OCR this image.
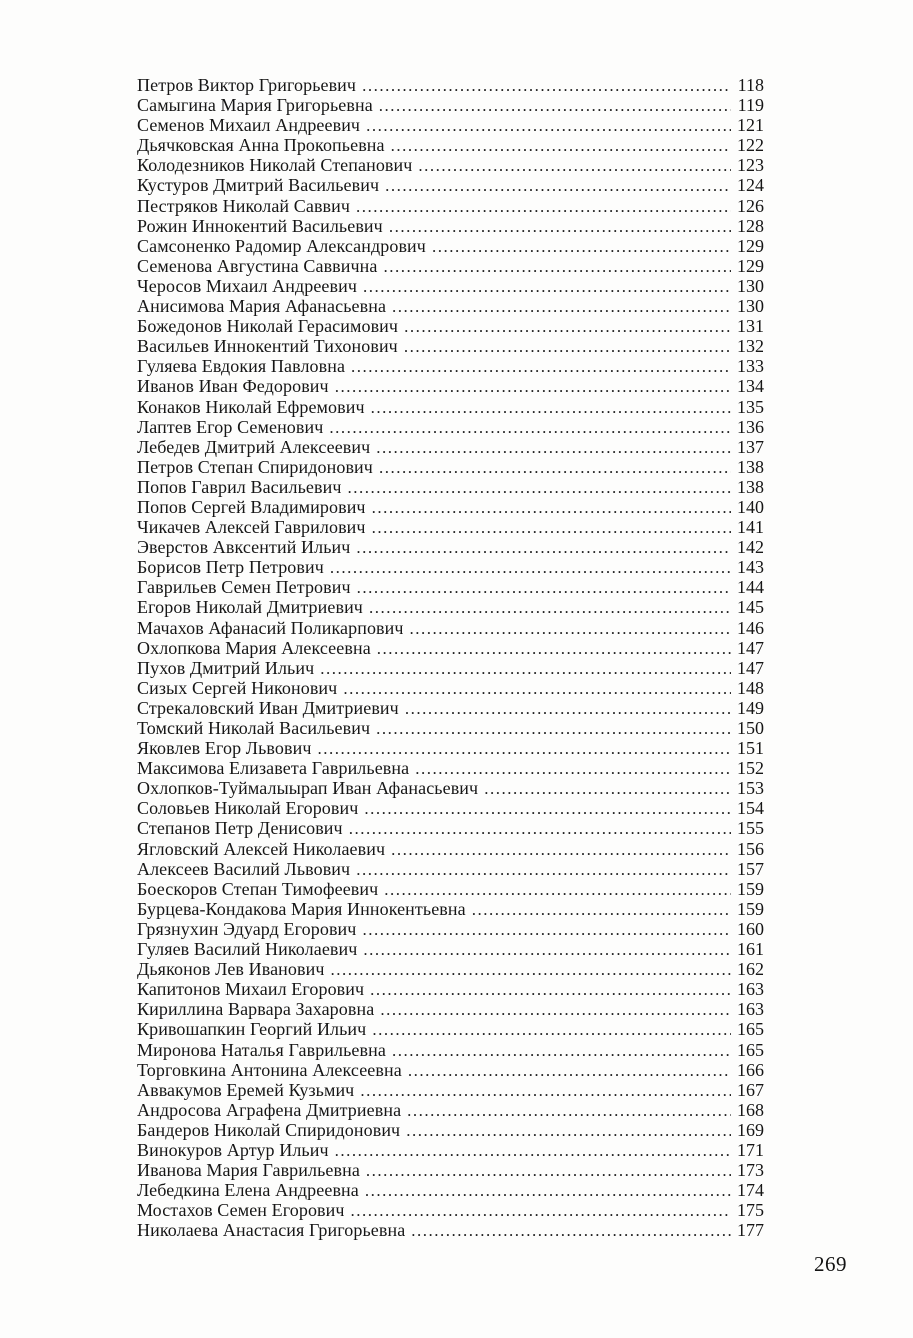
Петров Виктор Григорьевич .....	118
Самыгина Мария Григорьевна .....	119
Семенов Михаил Андреевич .....	121
Дьячковская Анна Прокопьевна .....	122
Колодезников Николай Степанович .....	123
Кустуров Дмитрий Васильевич .....	124
Пестряков Николай Саввич .....	126
Рожин Иннокентий Васильевич .....	128
Самсоненко Радомир Александрович .....	129
Семенова Августина Саввична .....	129
Черосов Михаил Андреевич .....	130
Анисимова Мария Афанасьевна .....	130
Божедонов Николай Герасимович .....	131
Васильев Иннокентий Тихонович .....	132
Гуляева Евдокия Павловна .....	133
Иванов Иван Федорович .....	134
Конаков Николай Ефремович .....	135
Лаптев Егор Семенович .....	136
Лебедев Дмитрий Алексеевич .....	137
Петров Степан Спиридонович .....	138
Попов Гаврил Васильевич .....	138
Попов Сергей Владимирович .....	140
Чикачев Алексей Гаврилович .....	141
Эверстов Авксентий Ильич .....	142
Борисов Петр Петрович .....	143
Гаврильев Семен Петрович .....	144
Егоров Николай Дмитриевич .....	145
Мачахов Афанасий Поликарпович .....	146
Охлопкова Мария Алексеевна .....	147
Пухов Дмитрий Ильич .....	147
Сизых Сергей Никонович .....	148
Стрекаловский Иван Дмитриевич .....	149
Томский Николай Васильевич .....	150
Яковлев Егор Львович .....	151
Максимова Елизавета Гаврильевна .....	152
Охлопков-Туймалыырап Иван Афанасьевич .....	153
Соловьев Николай Егорович .....	154
Степанов Петр Денисович .....	155
Ягловский Алексей Николаевич .....	156
Алексеев Василий Львович .....	157
Боескоров Степан Тимофеевич .....	159
Бурцева-Кондакова Мария Иннокентьевна .....	159
Грязнухин Эдуард Егорович .....	160
Гуляев Василий Николаевич .....	161
Дьяконов Лев Иванович .....	162
Капитонов Михаил Егорович .....	163
Кириллина Варвара Захаровна .....	163
Кривошапкин Георгий Ильич .....	165
Миронова Наталья Гаврильевна .....	165
Торговкина Антонина Алексеевна .....	166
Аввакумов Еремей Кузьмич .....	167
Андросова Аграфена Дмитриевна .....	168
Бандеров Николай Спиридонович .....	169
Винокуров Артур Ильич .....	171
Иванова Мария Гаврильевна .....	173
Лебедкина Елена Андреевна .....	174
Мостахов Семен Егорович .....	175
Николаева Анастасия Григорьевна .....	177
269
